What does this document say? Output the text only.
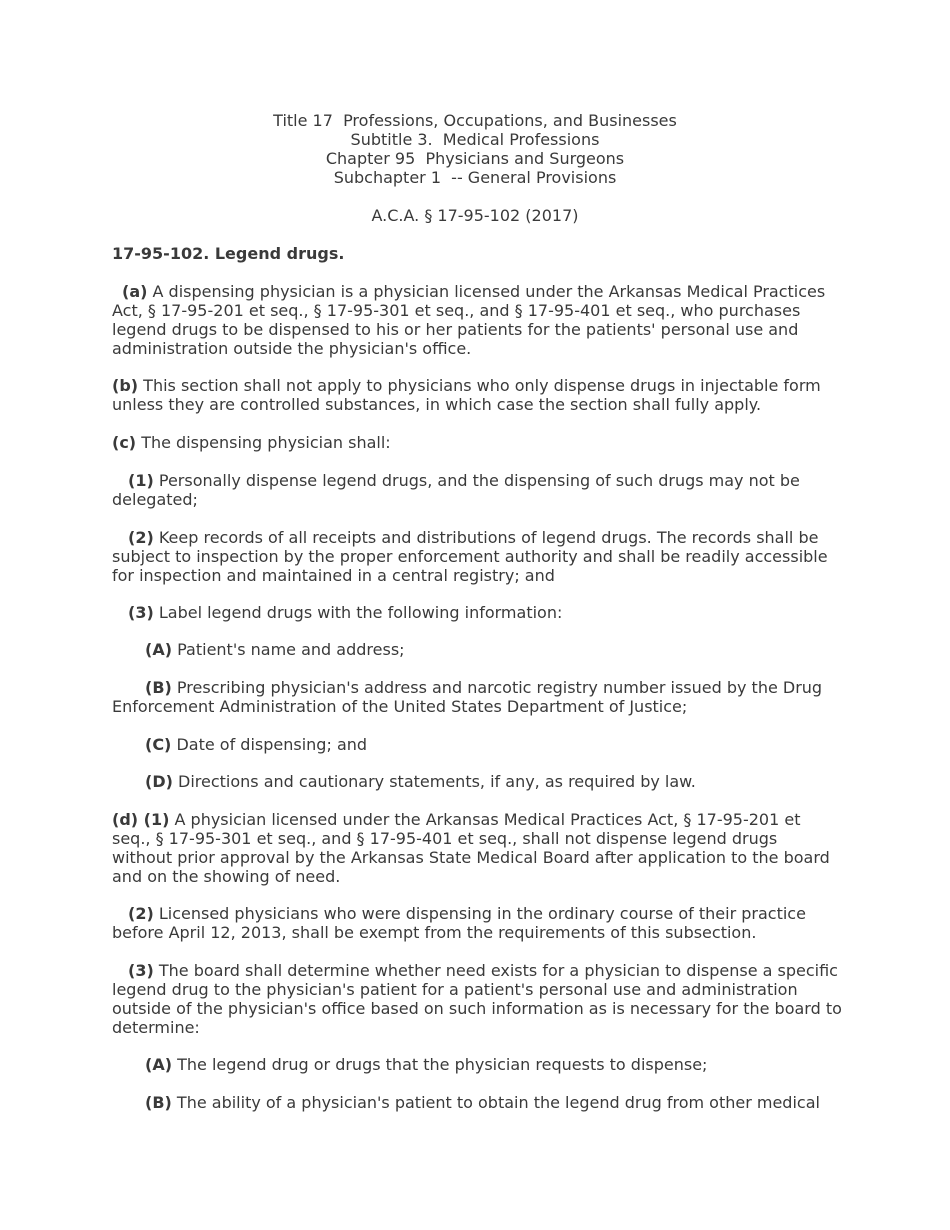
Title 17  Professions, Occupations, and Businesses
Subtitle 3.  Medical Professions
Chapter 95  Physicians and Surgeons
Subchapter 1  -- General Provisions
A.C.A. § 17-95-102 (2017)
17-95-102. Legend drugs.

(a) A dispensing physician is a physician licensed under the Arkansas Medical Practices Act, § 17-95-201 et seq., § 17-95-301 et seq., and § 17-95-401 et seq., who purchases legend drugs to be dispensed to his or her patients for the patients' personal use and administration outside the physician's office.

(b) This section shall not apply to physicians who only dispense drugs in injectable form unless they are controlled substances, in which case the section shall fully apply.

(c) The dispensing physician shall:

(1) Personally dispense legend drugs, and the dispensing of such drugs may not be delegated;

(2) Keep records of all receipts and distributions of legend drugs. The records shall be subject to inspection by the proper enforcement authority and shall be readily accessible for inspection and maintained in a central registry; and

(3) Label legend drugs with the following information:

(A) Patient's name and address;

(B) Prescribing physician's address and narcotic registry number issued by the Drug Enforcement Administration of the United States Department of Justice;

(C) Date of dispensing; and

(D) Directions and cautionary statements, if any, as required by law.

(d) (1) A physician licensed under the Arkansas Medical Practices Act, § 17-95-201 et seq., § 17-95-301 et seq., and § 17-95-401 et seq., shall not dispense legend drugs without prior approval by the Arkansas State Medical Board after application to the board and on the showing of need.

(2) Licensed physicians who were dispensing in the ordinary course of their practice before April 12, 2013, shall be exempt from the requirements of this subsection.

(3) The board shall determine whether need exists for a physician to dispense a specific legend drug to the physician's patient for a patient's personal use and administration outside of the physician's office based on such information as is necessary for the board to determine:

(A) The legend drug or drugs that the physician requests to dispense;

(B) The ability of a physician's patient to obtain the legend drug from other medical
